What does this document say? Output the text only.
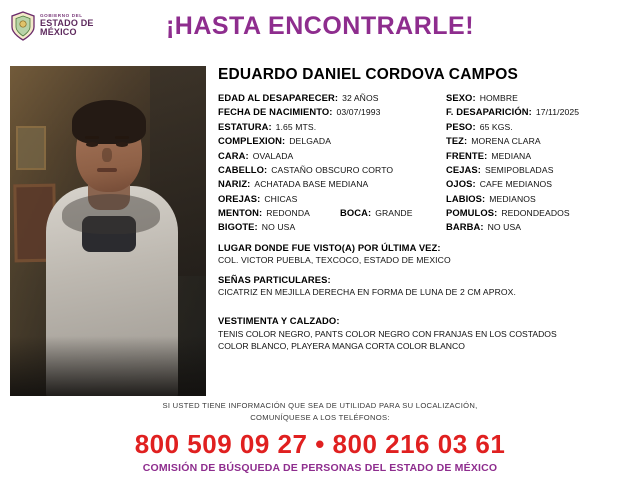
GOBIERNO DEL
ESTADO DE MÉXICO	¡HASTA ENCONTRARLE!
EDUARDO DANIEL CORDOVA CAMPOS
EDAD AL DESAPARECER: 32 AÑOS	SEXO: HOMBRE
FECHA DE NACIMIENTO: 03/07/1993	F. DESAPARICIÓN: 17/11/2025
ESTATURA: 1.65 MTS.	PESO: 65 KGS.
COMPLEXION: DELGADA	TEZ: MORENA CLARA
CARA: OVALADA	FRENTE: MEDIANA
CABELLO: CASTAÑO OBSCURO CORTO	CEJAS: SEMIPOBLADAS
NARIZ: ACHATADA BASE MEDIANA	OJOS: CAFE MEDIANOS
OREJAS: CHICAS	LABIOS: MEDIANOS
MENTON: REDONDA	BOCA: GRANDE	POMULOS: REDONDEADOS
BIGOTE: NO USA	BARBA: NO USA
LUGAR DONDE FUE VISTO(A) POR ÚLTIMA VEZ:
COL. VICTOR PUEBLA, TEXCOCO, ESTADO DE MEXICO
SEÑAS PARTICULARES:
CICATRIZ EN MEJILLA DERECHA EN FORMA DE LUNA DE 2 CM APROX.
VESTIMENTA Y CALZADO:
TENIS COLOR NEGRO, PANTS COLOR NEGRO CON FRANJAS EN LOS COSTADOS
COLOR BLANCO, PLAYERA MANGA CORTA COLOR BLANCO
SI USTED TIENE INFORMACIÓN QUE SEA DE UTILIDAD PARA SU LOCALIZACIÓN,
COMUNÍQUESE A LOS TELÉFONOS:
800 509 09 27 • 800 216 03 61
COMISIÓN DE BÚSQUEDA DE PERSONAS DEL ESTADO DE MÉXICO
